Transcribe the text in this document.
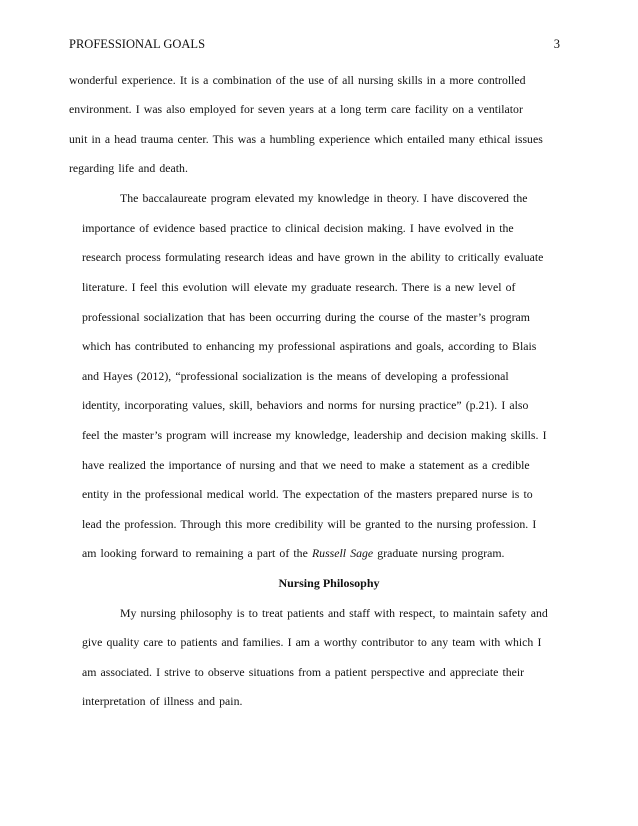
PROFESSIONAL GOALS	3
wonderful experience. It is a combination of the use of all nursing skills in a more controlled
environment. I was also employed for seven years at a long term care facility on a ventilator
unit in a head trauma center. This was a humbling experience which entailed many ethical issues
regarding life and death.
The baccalaureate program elevated my knowledge in theory. I have discovered the
importance of evidence based practice to clinical decision making. I have evolved in the
research process formulating research ideas and have grown in the ability to critically evaluate
literature. I feel this evolution will elevate my graduate research. There is a new level of
professional socialization that has been occurring during the course of the master’s program
which has contributed to enhancing my professional aspirations and goals, according to Blais
and Hayes (2012), “professional socialization is the means of developing a professional
identity, incorporating values, skill, behaviors and norms for nursing practice” (p.21). I also
feel the master’s program will increase my knowledge, leadership and decision making skills. I
have realized the importance of nursing and that we need to make a statement as a credible
entity in the professional medical world. The expectation of the masters prepared nurse is to
lead the profession. Through this more credibility will be granted to the nursing profession. I
am looking forward to remaining a part of the Russell Sage graduate nursing program.
Nursing Philosophy
My nursing philosophy is to treat patients and staff with respect, to maintain safety and
give quality care to patients and families. I am a worthy contributor to any team with which I
am associated. I strive to observe situations from a patient perspective and appreciate their
interpretation of illness and pain.
